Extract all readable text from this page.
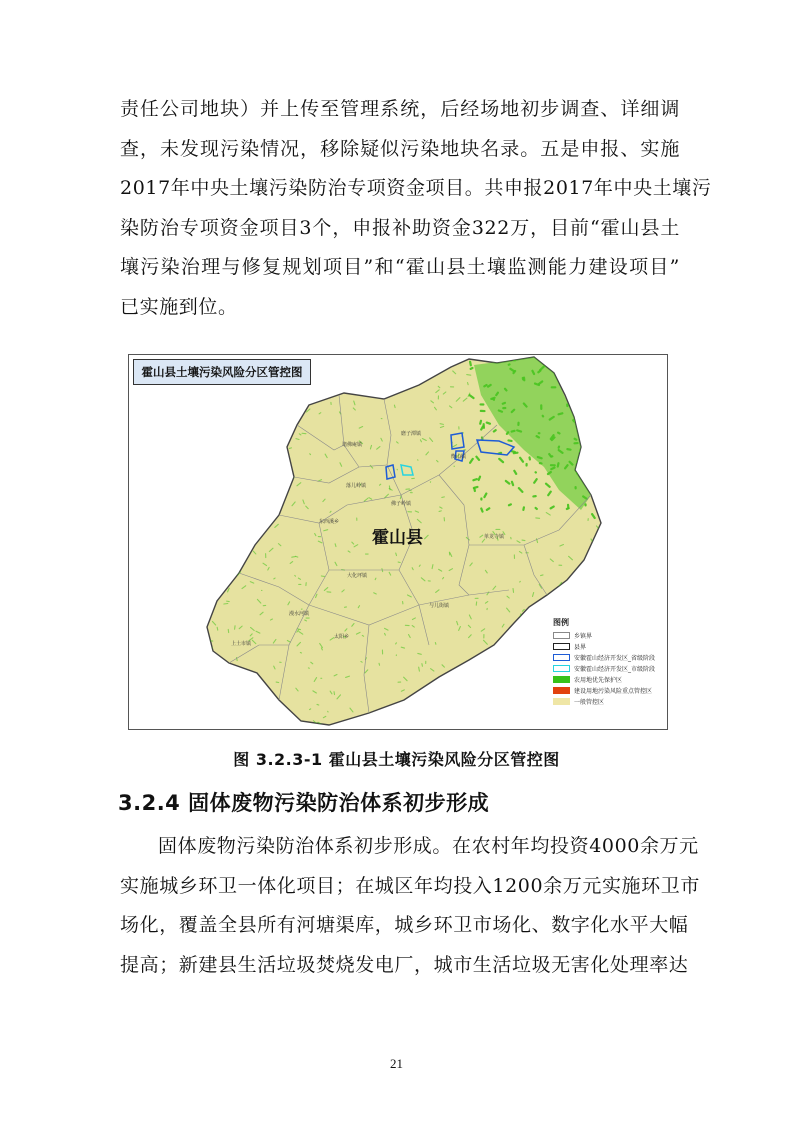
责任公司地块）并上传至管理系统，后经场地初步调查、详细调
查，未发现污染情况，移除疑似污染地块名录。五是申报、实施
2017年中央土壤污染防治专项资金项目。共申报2017年中央土壤污
染防治专项资金项目3个，申报补助资金322万，目前“霍山县土
壤污染治理与修复规划项目”和“霍山县土壤监测能力建设项目”
已实施到位。
诸佛庵镇
落儿岭镇
磨子潭镇
漫水河镇
大化坪镇
单龙寺镇
佛子岭镇
衡山镇
与儿街镇
上土市镇
太阳乡
东西溪乡
霍山县
霍山县土壤污染风险分区管控图
图例
乡镇界
县界
安徽霍山经济开发区_省级阶段
安徽霍山经济开发区_市级阶段
农用地优先保护区
建设用地污染风险重点管控区
一般管控区
图 3.2.3-1 霍山县土壤污染风险分区管控图
3.2.4 固体废物污染防治体系初步形成
固体废物污染防治体系初步形成。在农村年均投资4000余万元
实施城乡环卫一体化项目；在城区年均投入1200余万元实施环卫市
场化，覆盖全县所有河塘渠库，城乡环卫市场化、数字化水平大幅
提高；新建县生活垃圾焚烧发电厂，城市生活垃圾无害化处理率达
21
